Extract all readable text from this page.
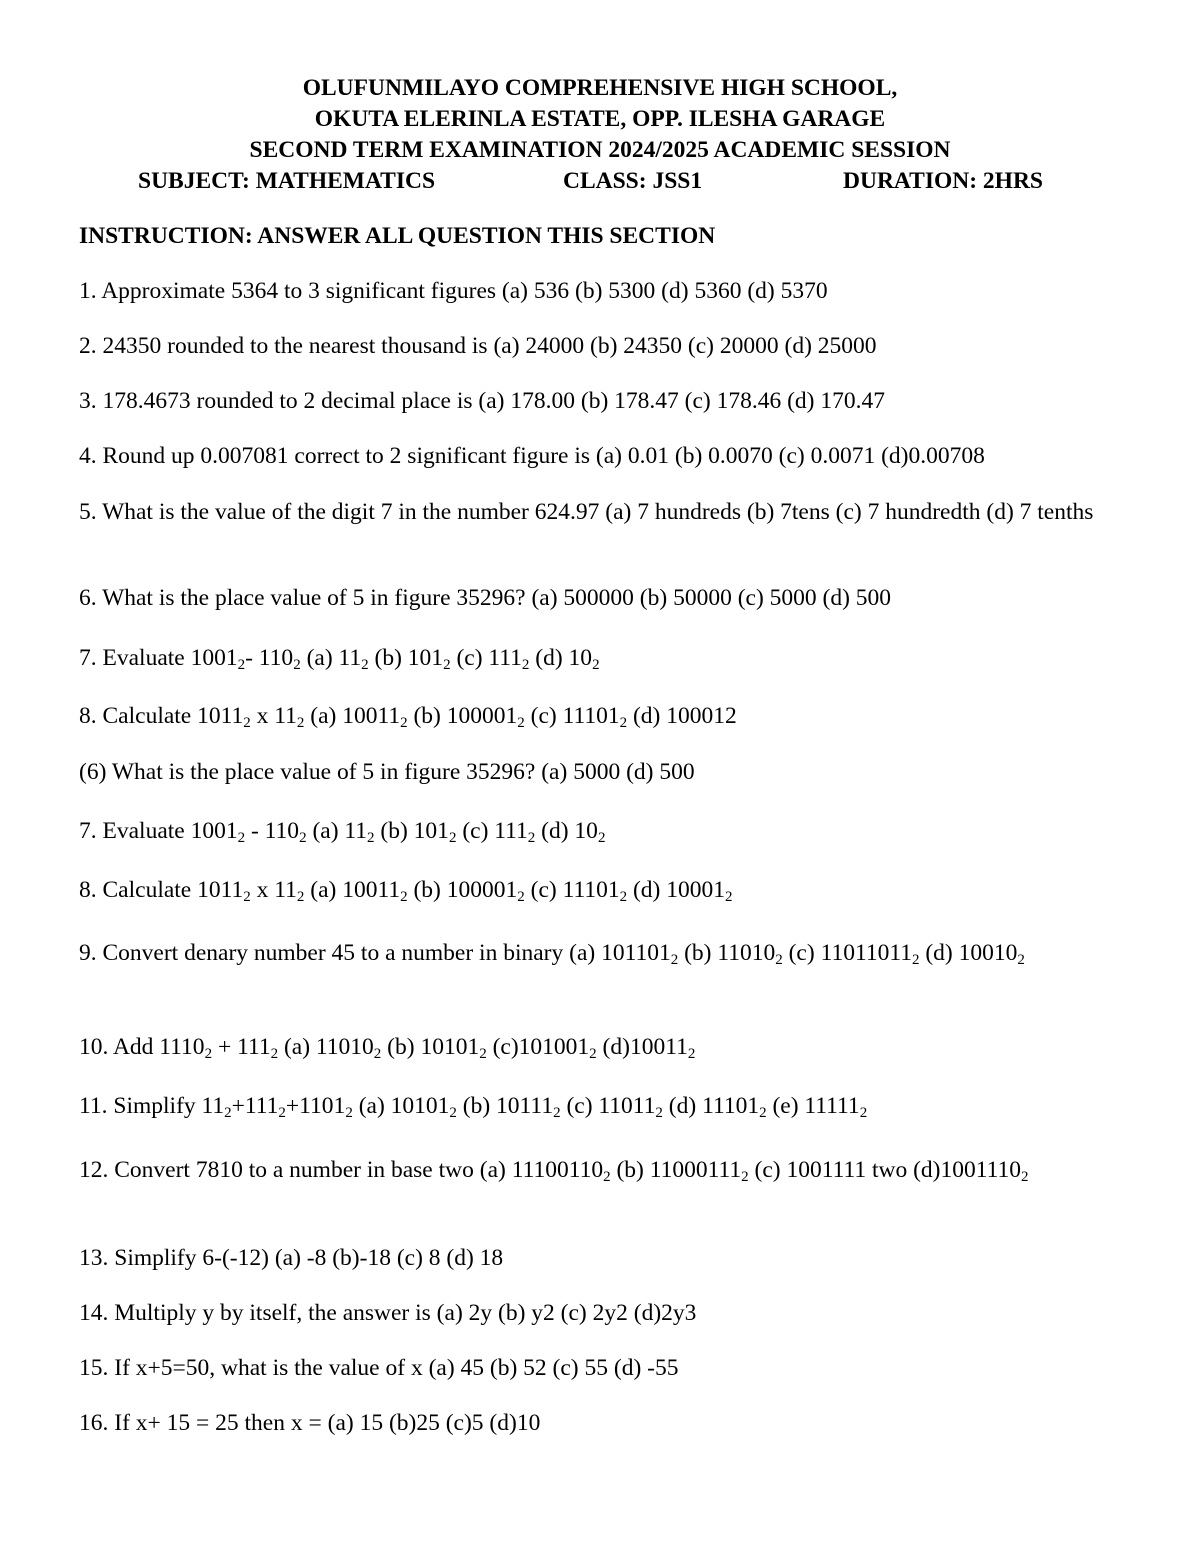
OLUFUNMILAYO COMPREHENSIVE HIGH SCHOOL,
OKUTA ELERINLA ESTATE, OPP. ILESHA GARAGE
SECOND TERM EXAMINATION 2024/2025 ACADEMIC SESSION
SUBJECT: MATHEMATICS	CLASS: JSS1	DURATION: 2HRS
INSTRUCTION: ANSWER ALL QUESTION THIS SECTION
1. Approximate 5364 to 3 significant figures (a) 536 (b) 5300 (d) 5360 (d) 5370
2. 24350 rounded to the nearest thousand is (a) 24000 (b) 24350 (c) 20000 (d) 25000
3. 178.4673 rounded to 2 decimal place is (a) 178.00 (b) 178.47 (c) 178.46 (d) 170.47
4. Round up 0.007081 correct to 2 significant figure is (a) 0.01 (b) 0.0070 (c) 0.0071 (d)0.00708
5. What is the value of the digit 7 in the number 624.97 (a) 7 hundreds (b) 7tens (c) 7 hundredth (d) 7 tenths
6. What is the place value of 5 in figure 35296? (a) 500000 (b) 50000 (c) 5000 (d) 500
7. Evaluate $1001_2-$ $110_2$ (a) $11_2$ (b) $101_2$ (c) $111_2$ (d) $10_2$
8. Calculate $1011_2$ x $11_2$ (a) $10011_2$ (b) $100001_2$ (c) $11101_2$ (d) 100012
(6) What is the place value of 5 in figure 35296? (a) 5000 (d) 500
7. Evaluate $1001_2 - 110_2$ (a) $11_2$ (b) $101_2$ (c) $111_2$ (d) $10_2$
8. Calculate $1011_2$ x $11_2$ (a) $10011_2$ (b) $100001_2$ (c) $11101_2$ (d) $10001_2$
9. Convert denary number 45 to a number in binary (a) $101101_2$ (b) $11010_2$ (c) $11011011_2$ (d) $10010_2$
10. Add $1110_2 + 111_2$ (a) $11010_2$ (b) $10101_2$ $(c)101001_2$ $(d)10011_2$
11. Simplify $11_2+111_2+1101_2$ (a) $10101_2$ (b) $10111_2$ (c) $11011_2$ (d) $11101_2$ (e) $11111_2$
12. Convert 7810 to a number in base two (a) $11100110_2$ (b) $11000111_2$ (c) 1001111 two $(d)1001110_2$
13. Simplify 6-(-12) (a) -8 (b)-18 (c) 8 (d) 18
14. Multiply y by itself, the answer is (a) 2y (b) y2 (c) 2y2 (d)2y3
15. If x+5=50, what is the value of x (a) 45 (b) 52 (c) 55 (d) -55
16. If x+ 15 = 25 then x = (a) 15 (b)25 (c)5 (d)10
